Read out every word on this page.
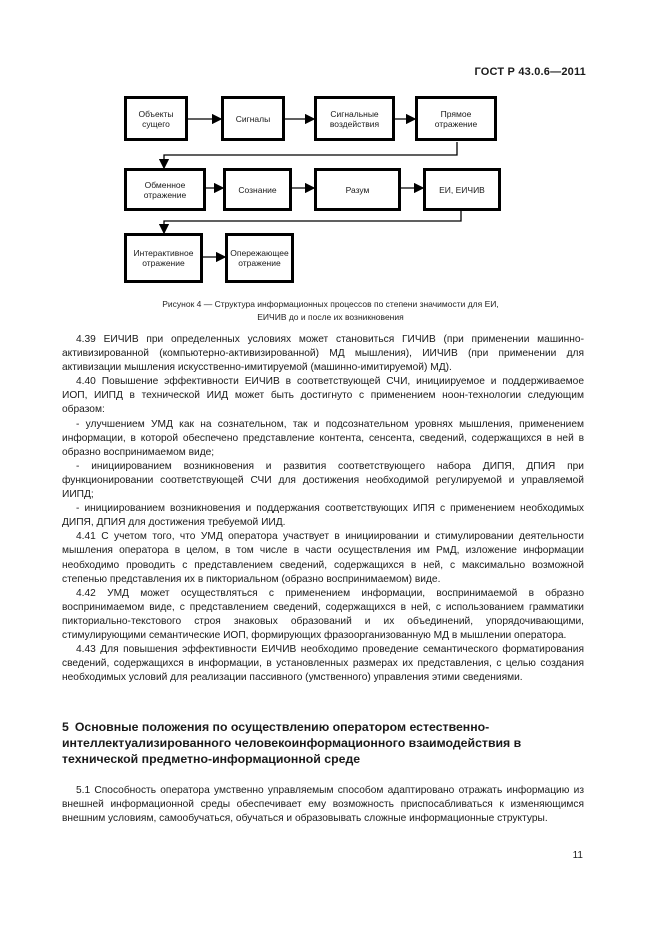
ГОСТ Р 43.0.6—2011
Объекты сущего	Сигналы	Сигнальные воздействия
Прямое отражение
Обменное отражение	Сознание	Разум	ЕИ, ЕИЧИВ
Интерактивное отражение
Опережающее отражение
Рисунок 4 — Структура информационных процессов по степени значимости для ЕИ,
ЕИЧИВ до и после их возникновения

4.39 ЕИЧИВ при определенных условиях может становиться ГИЧИВ (при применении машинно-активизированной (компьютерно-активизированной) МД мышления), ИИЧИВ (при применении для активизации мышления искусственно-имитируемой (машинно-имитируемой) МД).

4.40 Повышение эффективности ЕИЧИВ в соответствующей СЧИ, инициируемое и поддерживаемое ИОП, ИИПД в технической ИИД может быть достигнуто с применением ноон-технологии следующим образом:

- улучшением УМД как на сознательном, так и подсознательном уровнях мышления, применением информации, в которой обеспечено представление контента, сенсента, сведений, содержащихся в ней в образно воспринимаемом виде;

- инициированием возникновения и развития соответствующего набора ДИПЯ, ДПИЯ при функционировании соответствующей СЧИ для достижения необходимой регулируемой и управляемой ИИПД;

- инициированием возникновения и поддержания соответствующих ИПЯ с применением необходимых ДИПЯ, ДПИЯ для достижения требуемой ИИД.

4.41 С учетом того, что УМД оператора участвует в инициировании и стимулировании деятельности мышления оператора в целом, в том числе в части осуществления им РмД, изложение информации необходимо проводить с представлением сведений, содержащихся в ней, с максимально возможной степенью представления их в пикториальном (образно воспринимаемом) виде.

4.42 УМД может осуществляться с применением информации, воспринимаемой в образно воспринимаемом виде, с представлением сведений, содержащихся в ней, с использованием грамматики пикториально-текстового строя знаковых образований и их объединений, упорядочивающими, стимулирующими семантические ИОП, формирующих фразоорганизованную МД в мышлении оператора.

4.43 Для повышения эффективности ЕИЧИВ необходимо проведение семантического форматирования сведений, содержащихся в информации, в установленных размерах их представления, с целью создания необходимых условий для реализации пассивного (умственного) управления этими сведениями.

5 Основные положения по осуществлению оператором естественно-интеллектуализированного человекоинформационного взаимодействия в технической предметно-информационной среде

5.1 Способность оператора умственно управляемым способом адаптировано отражать информацию из внешней информационной среды обеспечивает ему возможность приспосабливаться к изменяющимся внешним условиям, самообучаться, обучаться и образовывать сложные информационные структуры.

11
